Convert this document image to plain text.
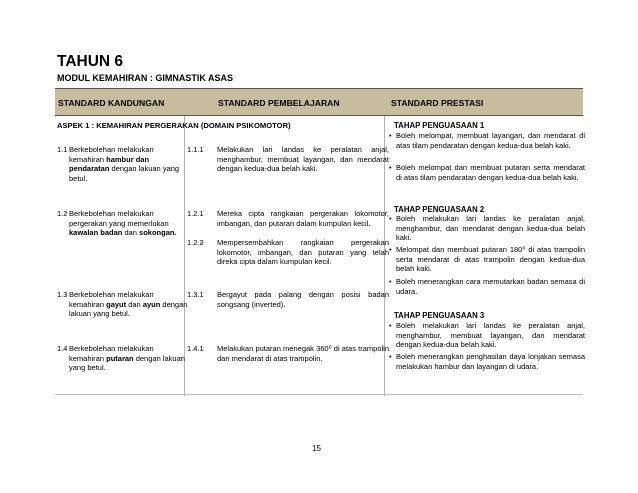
TAHUN 6
MODUL KEMAHIRAN : GIMNASTIK ASAS
STANDARD KANDUNGAN	STANDARD PEMBELAJARAN	STANDARD PRESTASI
ASPEK 1 : KEMAHIRAN PERGERAKAN (DOMAIN PSIKOMOTOR)
1.1 Berkebolehan melakukan kemahiran hambur dan pendaratan dengan lakuan yang betul.
1.2 Berkebolehan melakukan pergerakan yang memerlukan kawalan badan dan sokongan.
1.3 Berkebolehan melakukan kemahiran gayut dan ayun dengan lakuan yang betul.
1.4 Berkebolehan melakukan kemahiran putaran dengan lakuan yang betul.
1.1.1 Melakukan lari landas ke peralatan anjal, menghambur, membuat layangan, dan mendarat dengan kedua-dua belah kaki.
1.2.1 Mereka cipta rangkaian pergerakan lokomotor, imbangan, dan putaran dalam kumpulan kecil.
1.2.2 Mempersembahkan rangkaian pergerakan lokomotor, imbangan, dan putaran yang telah direka cipta dalam kumpulan kecil.
1.3.1 Bergayut pada palang dengan posisi badan songsang (inverted).
1.4.1 Melakukan putaran menegak 360⁰ di atas trampolin dan mendarat di atas trampolin.
TAHAP PENGUASAAN 1
• Boleh melompat, membuat layangan, dan mendarat di atas tilam pendaratan dengan kedua-dua belah kaki.
• Boleh melompat dan membuat putaran serta mendarat di atas tilam pendaratan dengan kedua-dua belah kaki.
TAHAP PENGUASAAN 2
• Boleh melakukan lari landas ke peralatan anjal, menghambur, dan mendarat dengan kedua-dua belah kaki.
• Melompat dan membuat putaran 180⁰ di atas trampolin serta mendarat di atas trampolin dengan kedua-dua belah kaki.
• Boleh menerangkan cara memutarkan badan semasa di udara.
TAHAP PENGUASAAN 3
• Boleh melakukan lari landas ke peralatan anjal, menghambur, membuat layangan, dan mendarat dengan kedua-dua belah kaki.
• Boleh menerangkan penghasilan daya lonjakan semasa melakukan hambur dan layangan di udara.
15
